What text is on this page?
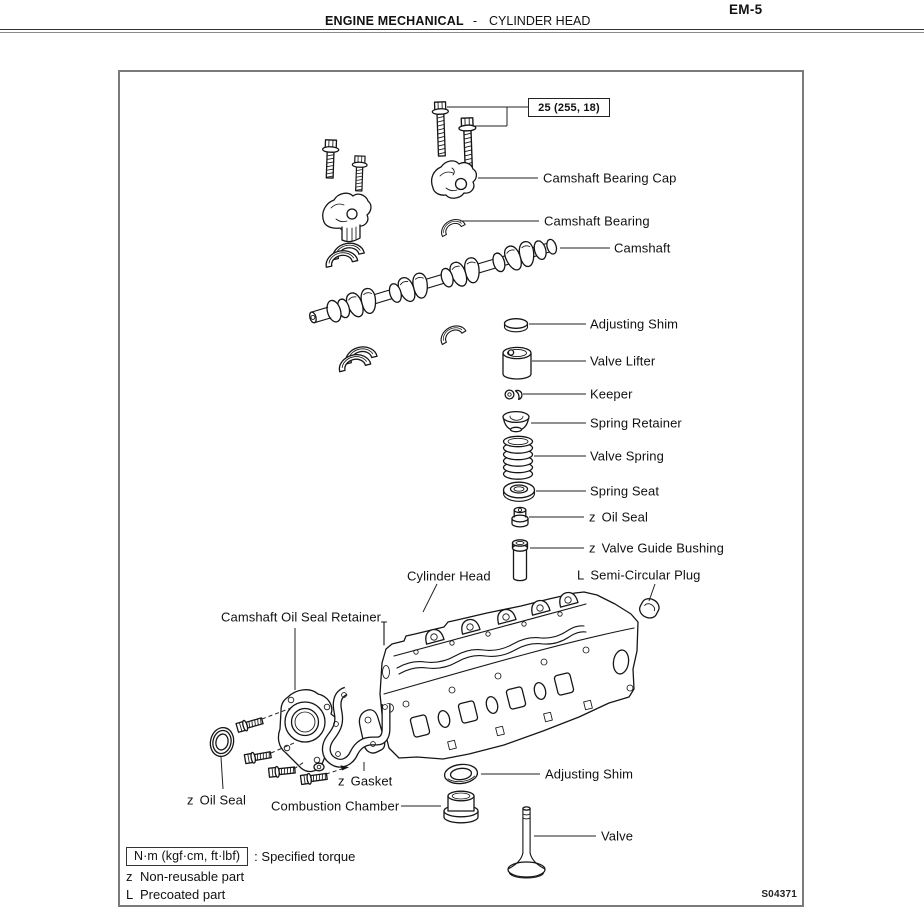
EM-5
ENGINE MECHANICAL - CYLINDER HEAD
25 (255, 18)
Camshaft Bearing Cap
Camshaft Bearing
Camshaft
Adjusting Shim
Valve Lifter
Keeper
Spring Retainer
Valve Spring
Spring Seat
z Oil Seal
z Valve Guide Bushing
L Semi-Circular Plug
Cylinder Head
Camshaft Oil Seal Retainer
z Gasket	Adjusting Shim
z Oil Seal Combustion Chamber
Valve
N·m (kgf·cm, ft·lbf)	: Specified torque
z Non-reusable part
L Precoated part	S04371
